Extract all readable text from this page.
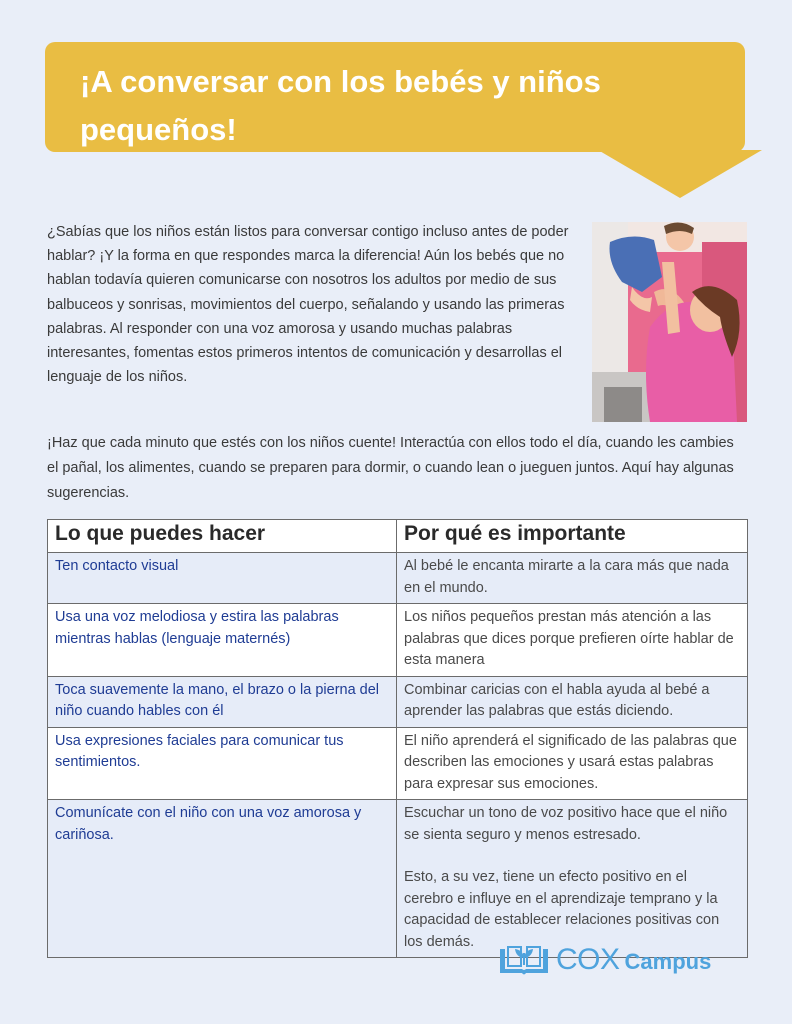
¡A conversar con los bebés y niños pequeños!

¿Sabías que los niños están listos para conversar contigo incluso antes de poder hablar? ¡Y la forma en que respondes marca la diferencia! Aún los bebés que no hablan todavía quieren comunicarse con nosotros los adultos por medio de sus balbuceos y sonrisas, movimientos del cuerpo, señalando y usando las primeras palabras. Al responder con una voz amorosa y usando muchas palabras interesantes, fomentas estos primeros intentos de comunicación y desarrollas el lenguaje de los niños.

¡Haz que cada minuto que estés con los niños cuente! Interactúa con ellos todo el día, cuando les cambies el pañal, los alimentes, cuando se preparen para dormir, o cuando lean o jueguen juntos. Aquí hay algunas sugerencias.

Lo que puedes hacer	Por qué es importante
Ten contacto visual	Al bebé le encanta mirarte a la cara más que nada en el mundo.
Usa una voz melodiosa y estira las palabras mientras hablas (lenguaje maternés)	Los niños pequeños prestan más atención a las palabras que dices porque prefieren oírte hablar de esta manera
Toca suavemente la mano, el brazo o la pierna del niño cuando hables con él	Combinar caricias con el habla ayuda al bebé a aprender las palabras que estás diciendo.
Usa expresiones faciales para comunicar tus sentimientos.	El niño aprenderá el significado de las palabras que describen las emociones y usará estas palabras para expresar sus emociones.
Comunícate con el niño con una voz amorosa y cariñosa.	Escuchar un tono de voz positivo hace que el niño se sienta seguro y menos estresado.

Esto, a su vez, tiene un efecto positivo en el cerebro e influye en el aprendizaje temprano y la capacidad de establecer relaciones positivas con los demás.

COX Campus
